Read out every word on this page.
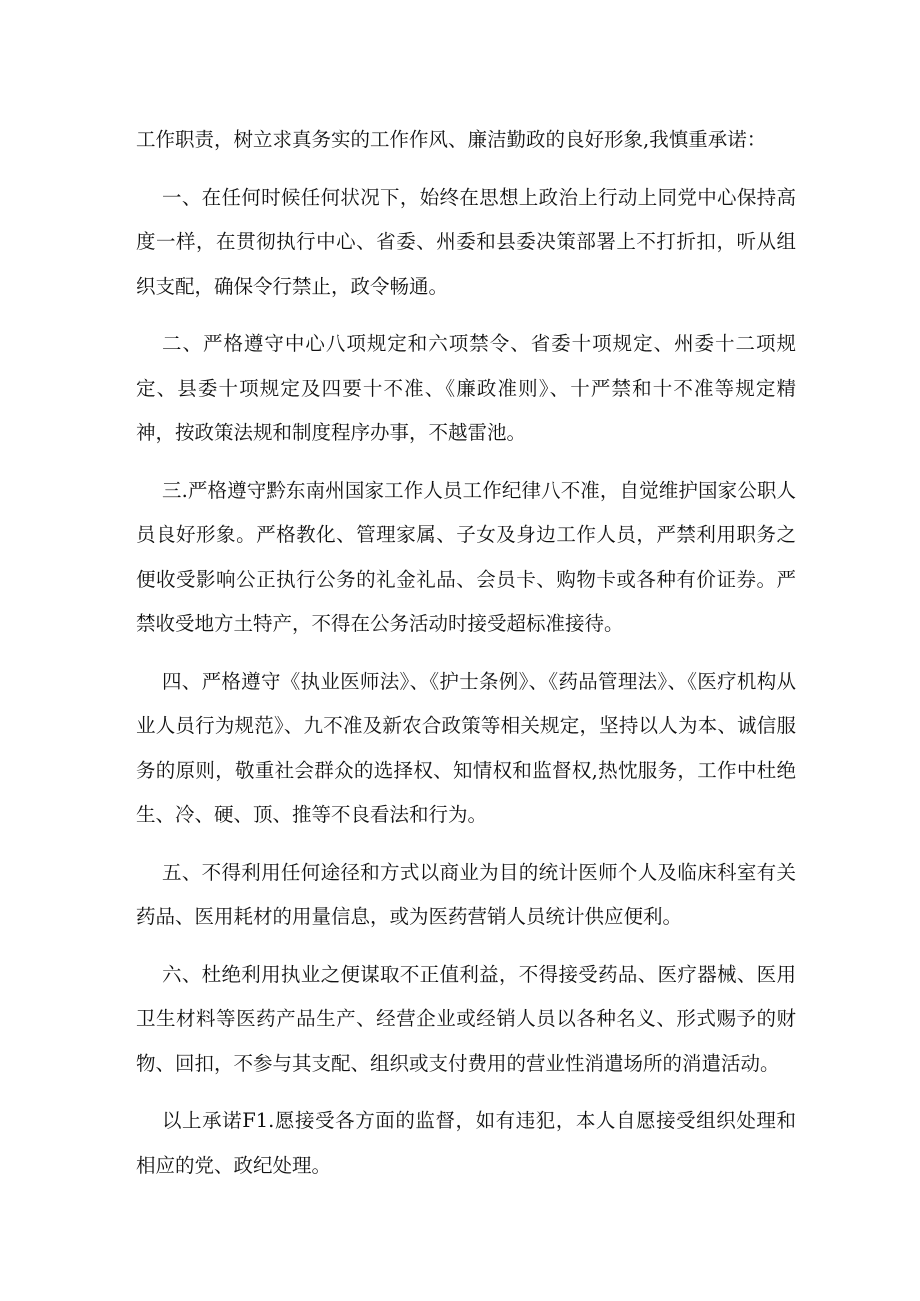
工作职责，树立求真务实的工作作风、廉洁勤政的良好形象,我慎重承诺：

一、在任何时候任何状况下，始终在思想上政治上行动上同党中心保持高度一样，在贯彻执行中心、省委、州委和县委决策部署上不打折扣，听从组织支配，确保令行禁止，政令畅通。

二、严格遵守中心八项规定和六项禁令、省委十项规定、州委十二项规定、县委十项规定及四要十不准、《廉政准则》、十严禁和十不准等规定精神，按政策法规和制度程序办事，不越雷池。

三.严格遵守黔东南州国家工作人员工作纪律八不准，自觉维护国家公职人员良好形象。严格教化、管理家属、子女及身边工作人员，严禁利用职务之便收受影响公正执行公务的礼金礼品、会员卡、购物卡或各种有价证券。严禁收受地方土特产，不得在公务活动时接受超标准接待。

四、严格遵守《执业医师法》、《护士条例》、《药品管理法》、《医疗机构从业人员行为规范》、九不准及新农合政策等相关规定，坚持以人为本、诚信服务的原则，敬重社会群众的选择权、知情权和监督权,热忱服务，工作中杜绝生、冷、硬、顶、推等不良看法和行为。

五、不得利用任何途径和方式以商业为目的统计医师个人及临床科室有关药品、医用耗材的用量信息，或为医药营销人员统计供应便利。

六、杜绝利用执业之便谋取不正值利益，不得接受药品、医疗器械、医用卫生材料等医药产品生产、经营企业或经销人员以各种名义、形式赐予的财物、回扣，不参与其支配、组织或支付费用的营业性消遣场所的消遣活动。

以上承诺F1.愿接受各方面的监督，如有违犯，本人自愿接受组织处理和相应的党、政纪处理。
